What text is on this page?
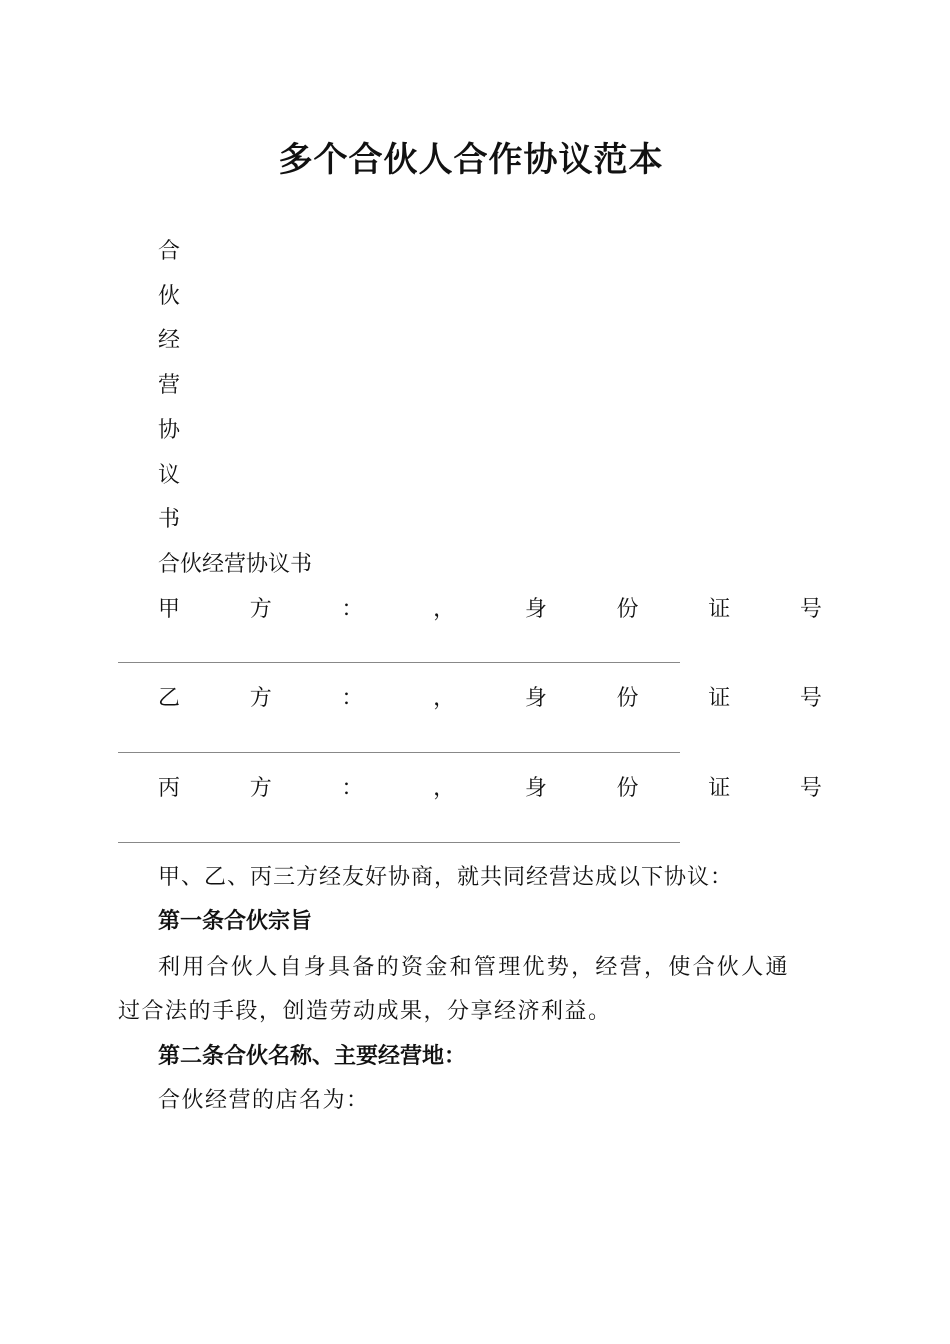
多个合伙人合作协议范本
合
伙
经
营
协
议
书
合伙经营协议书
甲	方	：	，	身	份	证	号
乙	方	：	，	身	份	证	号
丙	方	：	，	身	份	证	号
甲、乙、丙三方经友好协商，就共同经营达成以下协议：
第一条合伙宗旨
利用合伙人自身具备的资金和管理优势，经营，使合伙人通
过合法的手段，创造劳动成果，分享经济利益。
第二条合伙名称、主要经营地：
合伙经营的店名为：
